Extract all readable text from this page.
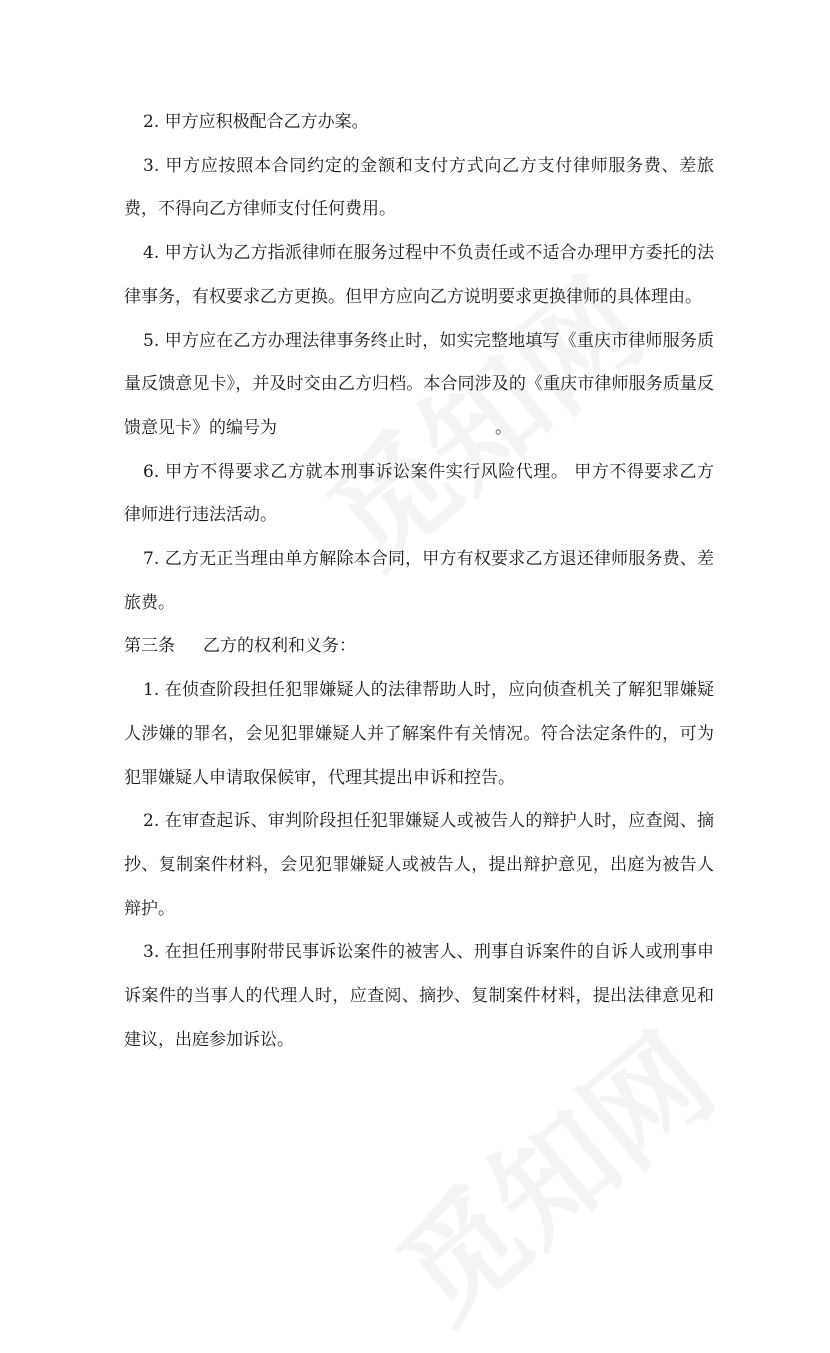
2. 甲方应积极配合乙方办案。

3. 甲方应按照本合同约定的金额和支付方式向乙方支付律师服务费、差旅费，不得向乙方律师支付任何费用。

4. 甲方认为乙方指派律师在服务过程中不负责任或不适合办理甲方委托的法律事务，有权要求乙方更换。但甲方应向乙方说明要求更换律师的具体理由。

5. 甲方应在乙方办理法律事务终止时，如实完整地填写《重庆市律师服务质量反馈意见卡》，并及时交由乙方归档。本合同涉及的《重庆市律师服务质量反馈意见卡》的编号为	。

6. 甲方不得要求乙方就本刑事诉讼案件实行风险代理。 甲方不得要求乙方律师进行违法活动。

7. 乙方无正当理由单方解除本合同，甲方有权要求乙方退还律师服务费、差旅费。

第三条 乙方的权利和义务：

1. 在侦查阶段担任犯罪嫌疑人的法律帮助人时，应向侦查机关了解犯罪嫌疑人涉嫌的罪名，会见犯罪嫌疑人并了解案件有关情况。符合法定条件的，可为犯罪嫌疑人申请取保候审，代理其提出申诉和控告。

2. 在审查起诉、审判阶段担任犯罪嫌疑人或被告人的辩护人时，应查阅、摘抄、复制案件材料，会见犯罪嫌疑人或被告人，提出辩护意见，出庭为被告人辩护。

3. 在担任刑事附带民事诉讼案件的被害人、刑事自诉案件的自诉人或刑事申诉案件的当事人的代理人时，应查阅、摘抄、复制案件材料，提出法律意见和建议，出庭参加诉讼。
